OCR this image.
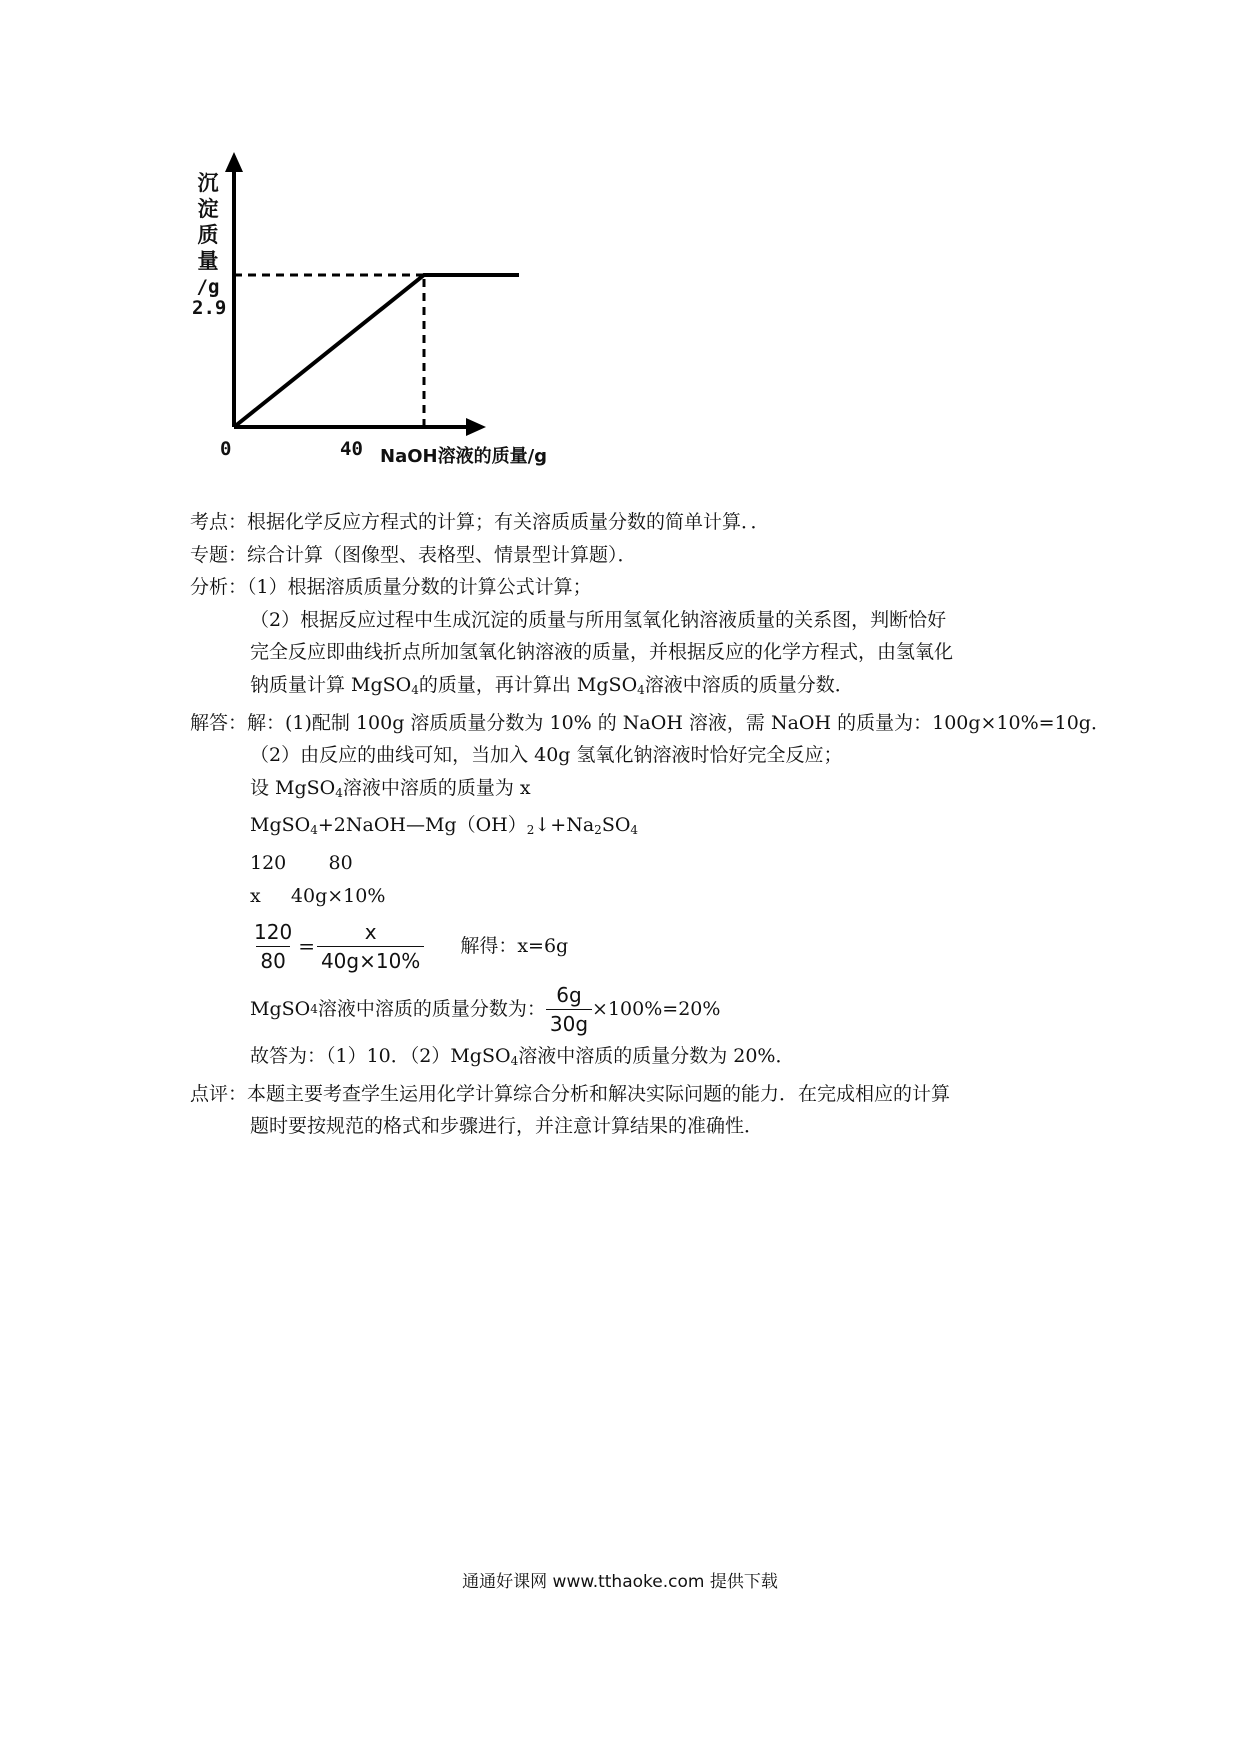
沉
淀
质
量
/g
2.9
0	40 NaOH溶液的质量/g
考点：根据化学反应方程式的计算；有关溶质质量分数的简单计算．．
专题：综合计算（图像型、表格型、情景型计算题）．
分析：（1）根据溶质质量分数的计算公式计算；
（2）根据反应过程中生成沉淀的质量与所用氢氧化钠溶液质量的关系图，判断恰好
完全反应即曲线折点所加氢氧化钠溶液的质量，并根据反应的化学方程式，由氢氧化
钠质量计算 MgSO$_4$的质量，再计算出 MgSO$_4$溶液中溶质的质量分数．
解答：解：(1)配制 100g 溶质质量分数为 10% 的 NaOH 溶液，需 NaOH 的质量为：100g×10%=10g．
（2）由反应的曲线可知，当加入 40g 氢氧化钠溶液时恰好完全反应；
设 MgSO$_4$溶液中溶质的质量为 x
$MgSO_4+2NaOH—Mg(OH)_2↓+Na_2SO_4$
120       80
x     40g×10%
$\frac{120}{80} = \frac{x}{40g\times 10\%}$ 解得：x=6g
MgSO 4 溶液中溶质的质量分数为： $\frac{6g}{30g} \times 100\%=20\%$
故答为：（1）10．（2）MgSO$_4$溶液中溶质的质量分数为 20%．
点评：本题主要考查学生运用化学计算综合分析和解决实际问题的能力．在完成相应的计算
题时要按规范的格式和步骤进行，并注意计算结果的准确性．
通通好课网 www.tthaoke.com 提供下载
